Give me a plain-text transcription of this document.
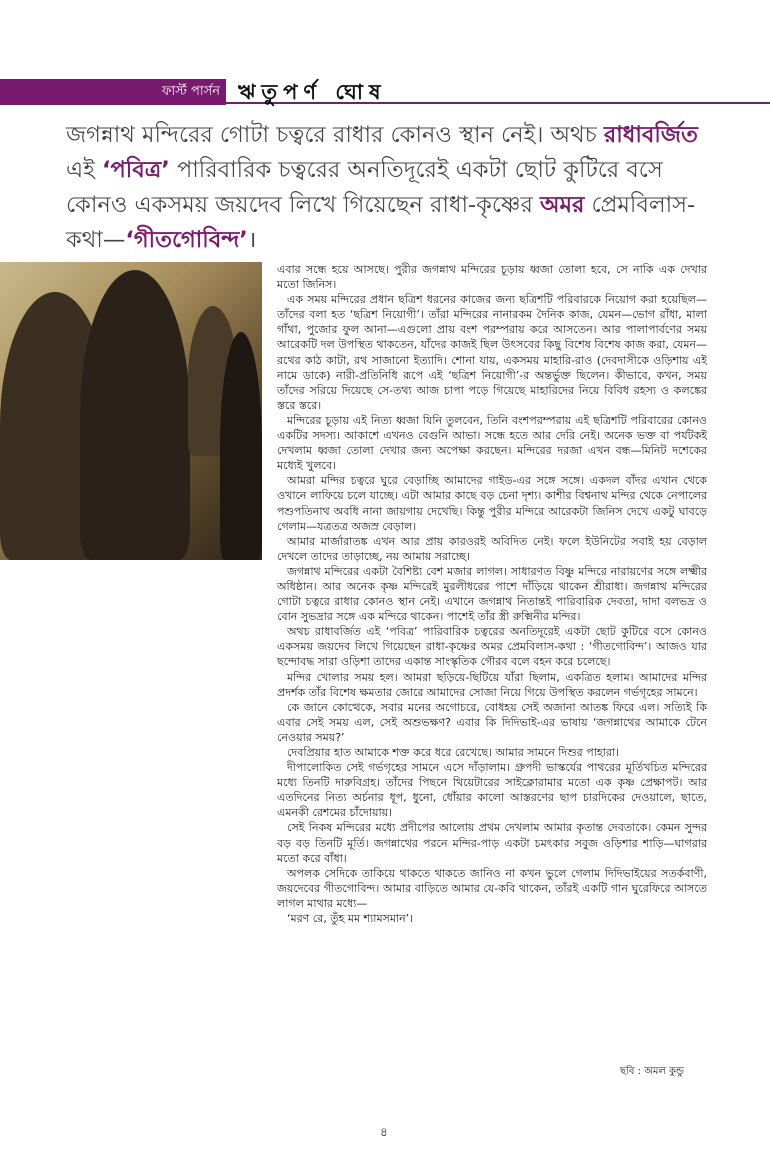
ফার্স্ট পার্সন ঋতুপর্ণ ঘোষ
জগন্নাথ মন্দিরের গোটা চত্বরে রাধার কোনও স্থান নেই। অথচ রাধাবর্জিত এই ‘পবিত্র’ পারিবারিক চত্বরের অনতিদূরেই একটা ছোট কুটিরে বসে কোনও একসময় জয়দেব লিখে গিয়েছেন রাধা-কৃষ্ণের অমর প্রেমবিলাস-কথা—‘গীতগোবিন্দ’।

এবার সন্ধে হয়ে আসছে। পুরীর জগন্নাথ মন্দিরের চূড়ায় ধ্বজা তোলা হবে, সে নাকি এক দেখার মতো জিনিস।

এক সময় মন্দিরের প্রধান ছত্রিশ ধরনের কাজের জন্য ছত্রিশটি পরিবারকে নিয়োগ করা হয়েছিল—তাঁদের বলা হত ‘ছত্রিশ নিয়োগী’। তাঁরা মন্দিরের নানারকম দৈনিক কাজ, যেমন—ভোগ রাঁধা, মালা গাঁথা, পুজোর ফুল আনা—এগুলো প্রায় বংশ পরম্পরায় করে আসতেন। আর পালাপার্বণের সময় আরেকটি দল উপস্থিত থাকতেন, যাঁদের কাজই ছিল উৎসবের কিছু বিশেষ বিশেষ কাজ করা, যেমন—রথের কাঠ কাটা, রথ সাজানো ইত্যাদি। শোনা যায়, একসময় মাহারি-রাও (দেবদাসীকে ওড়িশায় এই নামে ডাকে) নারী-প্রতিনিধি রূপে এই ‘ছত্রিশ নিয়োগী’-র অন্তর্ভুক্ত ছিলেন। কীভাবে, কখন, সময় তাঁদের সরিয়ে দিয়েছে সে-তথ্য আজ চাপা পড়ে গিয়েছে মাহারিদের নিয়ে বিবিধ রহস্য ও কলঙ্কের স্তরে স্তরে।

মন্দিরের চূড়ায় এই নিত্য ধ্বজা যিনি তুলবেন, তিনি বংশপরম্পরায় এই ছত্রিশটি পরিবারের কোনও একটির সদস্য। আকাশে এখনও বেগুনি আভা। সন্ধে হতে আর দেরি নেই। অনেক ভক্ত বা পর্যটকই দেখলাম ধ্বজা তোলা দেখার জন্য অপেক্ষা করছেন। মন্দিরের দরজা এখন বন্ধ—মিনিট দশেকের মধ্যেই খুলবে।

আমরা মন্দির চত্বরে ঘুরে বেড়াচ্ছি আমাদের গাইড-এর সঙ্গে সঙ্গে। একদল বাঁদর এখান থেকে ওখানে লাফিয়ে চলে যাচ্ছে। এটা আমার কাছে বড় চেনা দৃশ্য। কাশীর বিশ্বনাথ মন্দির থেকে নেপালের পশুপতিনাথ অবধি নানা জায়গায় দেখেছি। কিন্তু পুরীর মন্দিরে আরেকটা জিনিস দেখে একটু ঘাবড়ে গেলাম—যত্রতত্র অজস্র বেড়াল।

আমার মার্জারাতঙ্ক এখন আর প্রায় কারওরই অবিদিত নেই। ফলে ইউনিটের সবাই হয় বেড়াল দেখলে তাদের তাড়াচ্ছে, নয় আমায় সরাচ্ছে।

জগন্নাথ মন্দিরের একটা বৈশিষ্ট্য বেশ মজার লাগল। সাধারণত বিষ্ণু মন্দিরে নারায়ণের সঙ্গে লক্ষ্মীর অধিষ্ঠান। আর অনেক কৃষ্ণ মন্দিরেই মুরলীধরের পাশে দাঁড়িয়ে থাকেন শ্রীরাধা। জগন্নাথ মন্দিরের গোটা চত্বরে রাধার কোনও স্থান নেই। এখানে জগন্নাথ নিতান্তই পারিবারিক দেবতা, দাদা বলভদ্র ও বোন সুভদ্রার সঙ্গে এক মন্দিরে থাকেন। পাশেই তাঁর স্ত্রী রুক্মিনীর মন্দির।

অথচ রাধাবর্জিত এই ‘পবিত্র’ পারিবারিক চত্বরের অনতিদূরেই একটা ছোট কুটিরে বসে কোনও একসময় জয়দেব লিখে গিয়েছেন রাধা-কৃষ্ণের অমর প্রেমবিলাস-কথা : ‘গীতগোবিন্দ’। আজও যার ছন্দোবদ্ধ সারা ওড়িশা তাদের একান্ত সাংস্কৃতিক গৌরব বলে বহন করে চলেছে।

মন্দির খোলার সময় হল। আমরা ছড়িয়ে-ছিটিয়ে যাঁরা ছিলাম, একত্রিত হলাম। আমাদের মন্দির প্রদর্শক তাঁর বিশেষ ক্ষমতার জোরে আমাদের সোজা নিয়ে গিয়ে উপস্থিত করলেন গর্ভগৃহের সামনে।

কে জানে কোত্থেকে, সবার মনের অগোচরে, বোধহয় সেই অজানা আতঙ্ক ফিরে এল। সত্যিই কি এবার সেই সময় এল, সেই অশুভক্ষণ? এবার কি দিদিভাই-এর ভাষায় ‘জগন্নাথের আমাকে টেনে নেওয়ার সময়?’

দেবপ্রিয়ার হাত আমাকে শক্ত করে ধরে রেখেছে। আমার সামনে দিশুর পাহারা।

দীপালোকিত সেই গর্ভগৃহের সামনে এসে দাঁড়ালাম। গ্রুপদী ভাস্কর্যের পাথরের মূর্তিখচিত মন্দিরের মধ্যে তিনটি দারুবিগ্রহ। তাঁদের পিছনে থিয়েটারের সাইক্লোরামার মতো এক কৃষ্ণ প্রেক্ষাপট। আর এতদিনের নিত্য অর্চনার ধূপ, ধুনো, ধোঁয়ার কালো আস্তরণের ছাপ চারদিকের দেওয়ালে, ছাতে, এমনকী রেশমের চাঁদোয়ায়।

সেই নিকষ মন্দিরের মধ্যে প্রদীপের আলোয় প্রথম দেখলাম আমার কৃতান্ত দেবতাকে। কেমন সুন্দর বড় বড় তিনটি মূর্তি। জগন্নাথের পরনে মন্দির-পাড় একটা চমৎকার সবুজ ওড়িশার শাড়ি—ঘাগরার মতো করে বাঁধা।

অপলক সেদিকে তাকিয়ে থাকতে থাকতে জানিও না কখন ভুলে গেলাম দিদিভাইয়ের সতর্কবাণী, জয়দেবের গীতগোবিন্দ। আমার বাড়িতে আমার যে-কবি থাকেন, তাঁরই একটি গান ঘুরেফিরে আসতে লাগল মাথার মধ্যে—

‘মরণ রে, তুঁহ মম শ্যামসমান’।

ছবি : অমল কুন্ডু
৪
